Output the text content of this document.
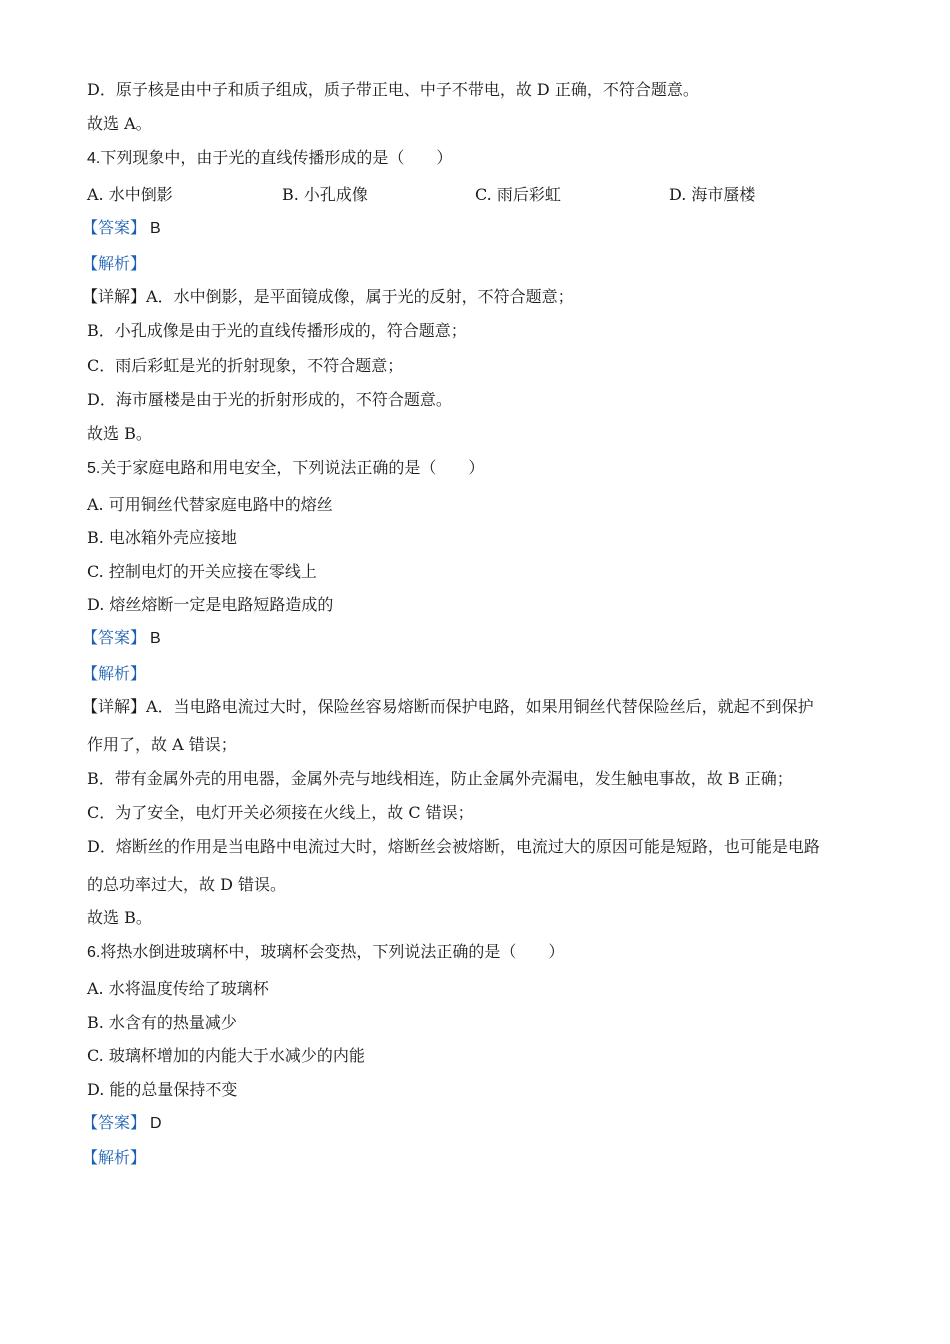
D．原子核是由中子和质子组成，质子带正电、中子不带电，故 D 正确，不符合题意。
故选 A。
4.下列现象中，由于光的直线传播形成的是（　　）
A. 水中倒影	B. 小孔成像	C. 雨后彩虹	D. 海市蜃楼
【答案】 B
【解析】
【详解】A．水中倒影，是平面镜成像，属于光的反射，不符合题意；
B．小孔成像是由于光的直线传播形成的，符合题意；
C．雨后彩虹是光的折射现象，不符合题意；
D．海市蜃楼是由于光的折射形成的，不符合题意。
故选 B。
5.关于家庭电路和用电安全，下列说法正确的是（　　）
A. 可用铜丝代替家庭电路中的熔丝
B. 电冰箱外壳应接地
C. 控制电灯的开关应接在零线上
D. 熔丝熔断一定是电路短路造成的
【答案】 B
【解析】
【详解】A．当电路电流过大时，保险丝容易熔断而保护电路，如果用铜丝代替保险丝后，就起不到保护
作用了，故 A 错误；
B．带有金属外壳的用电器，金属外壳与地线相连，防止金属外壳漏电，发生触电事故，故 B 正确；
C．为了安全，电灯开关必须接在火线上，故 C 错误；
D．熔断丝的作用是当电路中电流过大时，熔断丝会被熔断，电流过大的原因可能是短路，也可能是电路
的总功率过大，故 D 错误。
故选 B。
6.将热水倒进玻璃杯中，玻璃杯会变热，下列说法正确的是（　　）
A. 水将温度传给了玻璃杯
B. 水含有的热量减少
C. 玻璃杯增加的内能大于水减少的内能
D. 能的总量保持不变
【答案】 D
【解析】
